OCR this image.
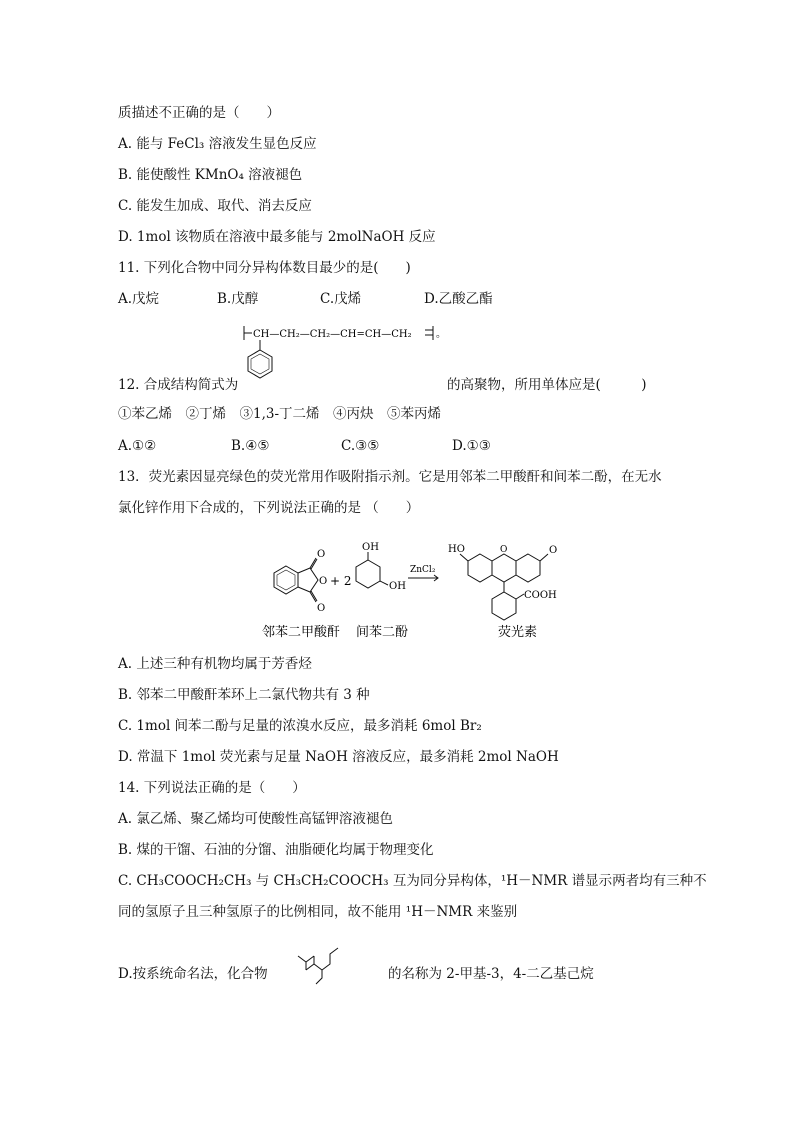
质描述不正确的是（　　）
A. 能与 FeCl₃ 溶液发生显色反应
B. 能使酸性 KMnO₄ 溶液褪色
C. 能发生加成、取代、消去反应
D. 1mol 该物质在溶液中最多能与 2molNaOH 反应
11. 下列化合物中同分异构体数目最少的是(　　)
A.戊烷	B.戊醇	C.戊烯	D.乙酸乙酯
CH—CH₂—CH₂—CH=CH—CH₂ 。
12. 合成结构简式为	的高聚物，所用单体应是(　　　)
①苯乙烯　②丁烯　③1,3-丁二烯　④丙炔　⑤苯丙烯
A.①②	B.④⑤	C.③⑤	D.①③
13．荧光素因显亮绿色的荧光常用作吸附指示剂。它是用邻苯二甲酸酐和间苯二酚，在无水
氯化锌作用下合成的，下列说法正确的是 （　　）
O
O
O
+ 2
OH
OH
ZnCl₂
HO	O	O
COOH
邻苯二甲酸酐 间苯二酚	荧光素
A. 上述三种有机物均属于芳香烃
B. 邻苯二甲酸酐苯环上二氯代物共有 3 种
C. 1mol 间苯二酚与足量的浓溴水反应，最多消耗 6mol Br₂
D. 常温下 1mol 荧光素与足量 NaOH 溶液反应，最多消耗 2mol NaOH
14. 下列说法正确的是（　　）
A. 氯乙烯、聚乙烯均可使酸性高锰钾溶液褪色
B. 煤的干馏、石油的分馏、油脂硬化均属于物理变化
C. CH₃COOCH₂CH₃ 与 CH₃CH₂COOCH₃ 互为同分异构体，¹H－NMR 谱显示两者均有三种不
同的氢原子且三种氢原子的比例相同，故不能用 ¹H－NMR 来鉴别
D.按系统命名法，化合物	的名称为 2-甲基-3，4-二乙基己烷
